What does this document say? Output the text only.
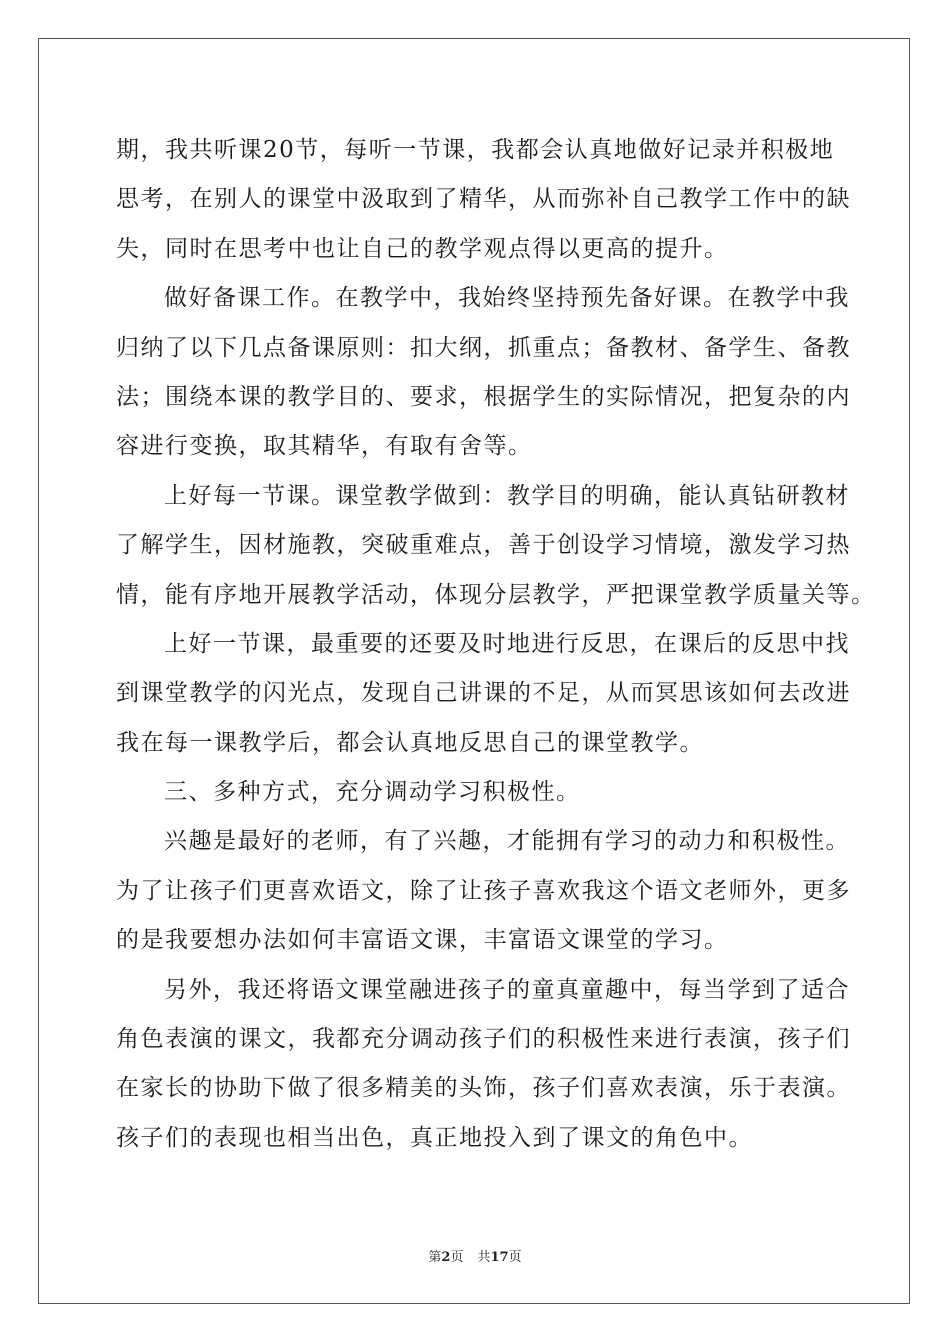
期，我共听课20节，每听一节课，我都会认真地做好记录并积极地
思考，在别人的课堂中汲取到了精华，从而弥补自己教学工作中的缺
失，同时在思考中也让自己的教学观点得以更高的提升。
做好备课工作。在教学中，我始终坚持预先备好课。在教学中我
归纳了以下几点备课原则：扣大纲，抓重点；备教材、备学生、备教
法；围绕本课的教学目的、要求，根据学生的实际情况，把复杂的内
容进行变换，取其精华，有取有舍等。
上好每一节课。课堂教学做到：教学目的明确，能认真钻研教材
了解学生，因材施教，突破重难点，善于创设学习情境，激发学习热
情，能有序地开展教学活动，体现分层教学，严把课堂教学质量关等。
上好一节课，最重要的还要及时地进行反思，在课后的反思中找
到课堂教学的闪光点，发现自己讲课的不足，从而冥思该如何去改进
我在每一课教学后，都会认真地反思自己的课堂教学。
三、多种方式，充分调动学习积极性。
兴趣是最好的老师，有了兴趣，才能拥有学习的动力和积极性。
为了让孩子们更喜欢语文，除了让孩子喜欢我这个语文老师外，更多
的是我要想办法如何丰富语文课，丰富语文课堂的学习。
另外，我还将语文课堂融进孩子的童真童趣中，每当学到了适合
角色表演的课文，我都充分调动孩子们的积极性来进行表演，孩子们
在家长的协助下做了很多精美的头饰，孩子们喜欢表演，乐于表演。
孩子们的表现也相当出色，真正地投入到了课文的角色中。
第2页 共17页
